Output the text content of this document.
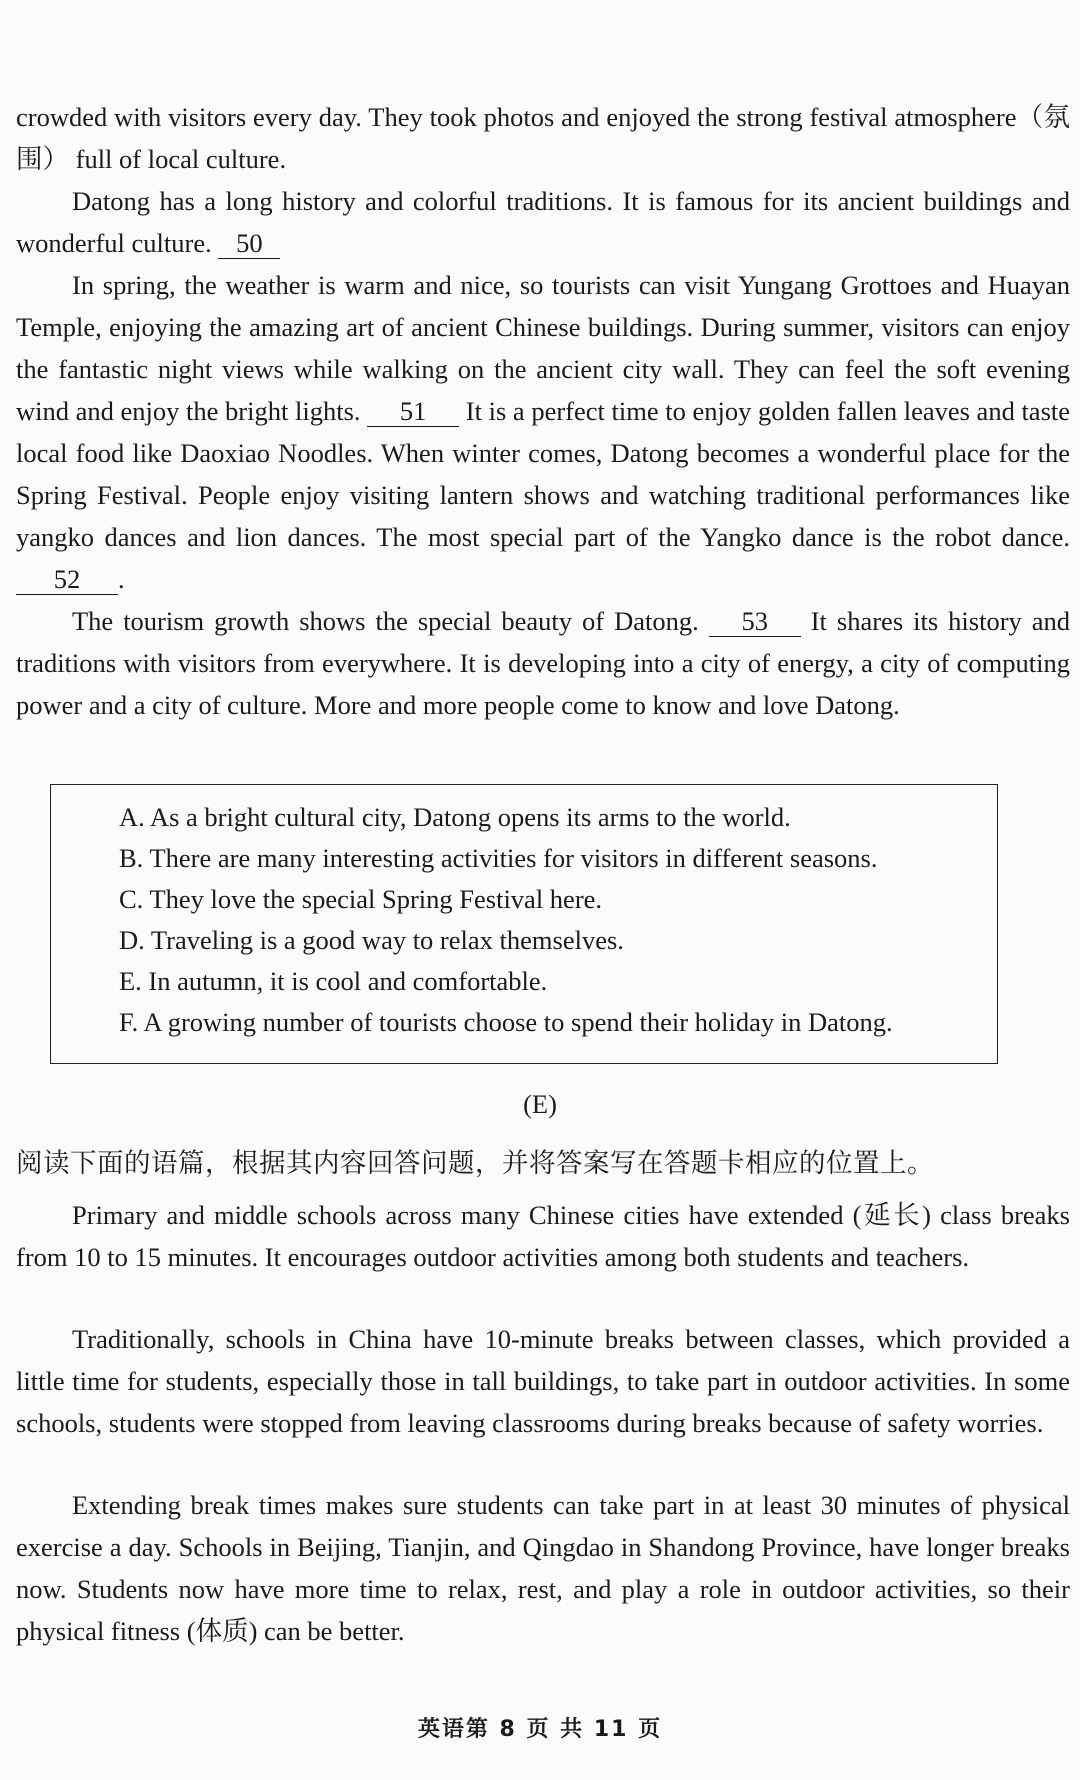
crowded with visitors every day. They took photos and enjoyed the strong festival atmosphere（氛围） full of local culture.
Datong has a long history and colorful traditions. It is famous for its ancient buildings and wonderful culture. 50
In spring, the weather is warm and nice, so tourists can visit Yungang Grottoes and Huayan Temple, enjoying the amazing art of ancient Chinese buildings. During summer, visitors can enjoy the fantastic night views while walking on the ancient city wall. They can feel the soft evening wind and enjoy the bright lights. 51 It is a perfect time to enjoy golden fallen leaves and taste local food like Daoxiao Noodles. When winter comes, Datong becomes a wonderful place for the Spring Festival. People enjoy visiting lantern shows and watching traditional performances like yangko dances and lion dances. The most special part of the Yangko dance is the robot dance. 52 .
The tourism growth shows the special beauty of Datong. 53 It shares its history and traditions with visitors from everywhere. It is developing into a city of energy, a city of computing power and a city of culture. More and more people come to know and love Datong.
A. As a bright cultural city, Datong opens its arms to the world.
B. There are many interesting activities for visitors in different seasons.
C. They love the special Spring Festival here.
D. Traveling is a good way to relax themselves.
E. In autumn, it is cool and comfortable.
F. A growing number of tourists choose to spend their holiday in Datong.
(E)
阅读下面的语篇，根据其内容回答问题，并将答案写在答题卡相应的位置上。
Primary and middle schools across many Chinese cities have extended (延长) class breaks from 10 to 15 minutes. It encourages outdoor activities among both students and teachers.
Traditionally, schools in China have 10-minute breaks between classes, which provided a little time for students, especially those in tall buildings, to take part in outdoor activities. In some schools, students were stopped from leaving classrooms during breaks because of safety worries.
Extending break times makes sure students can take part in at least 30 minutes of physical exercise a day. Schools in Beijing, Tianjin, and Qingdao in Shandong Province, have longer breaks now. Students now have more time to relax, rest, and play a role in outdoor activities, so their physical fitness (体质) can be better.
英语第 8 页 共 11 页
